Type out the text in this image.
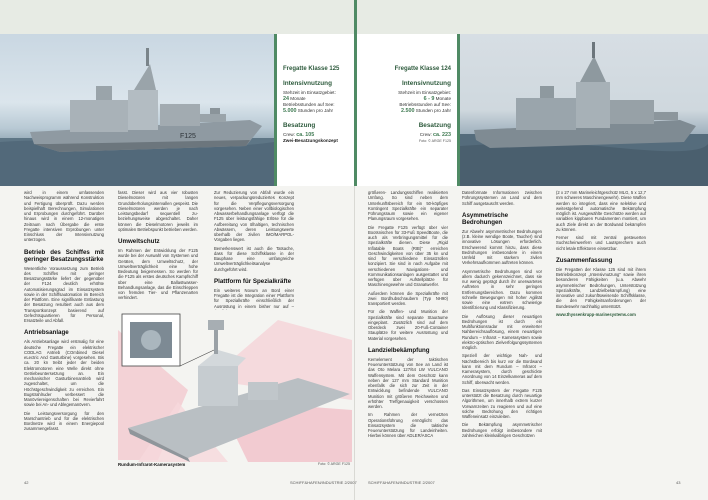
F125
Fregatte Klasse 125
Intensivnutzung
Stehzeit im Einsatzgebiet:
24 Monate
Betriebsstunden auf See:
5.000 Stunden pro Jahr
Besatzung
Crew: ca. 105
Zwei-Besatzungskonzept
Fregatte Klasse 124
Intensivnutzung
Stehzeit im Einsatzgebiet:
6 - 9 Monate
Betriebsstunden auf See:
2.500 Stunden pro Jahr
Besatzung
Crew: ca. 223
Foto: © ARGE F125

wird in einem umfassenden Nachweisprogramm während Konstruktion und Fertigung überprüft. Dazu werden beispielhaft Berechnungen, Simulationen und Erprobungen durchgeführt. Darüber hinaus wird in einem 12-monatigen Zeitraum nach Übergabe die erste Fregatte intensiven Erprobungen unter Einschluss der Intensivnutzung unterzogen.

Betrieb des Schiffes mit geringer Besatzungsstärke

Wesentliche Voraussetzung zum Betrieb des Schiffes mit geringer Besatzungsstärke liefert der gegenüber der F124 deutlich erhöhte Automatisierungsgrad im Einsatzsystem sowie in der Schiffsautomation im Bereich der Plattform. Eine signifikante Entlastung der Besatzung resultiert auch aus dem Transportkonzept basierend auf Gefechtsquartieren für Personal, Ersatzteile und Abfall.

Antriebsanlage

Als Antriebsanlage wird erstmalig für eine deutsche Fregatte ein elektrischer CODLAG Antrieb (COmbined Diesel eLectric And Gasturbine) vorgesehen. Bis ca. 20 kn treibt jeder der beiden Elektromotoren eine Welle direkt ohne Getriebeuntersetzung an. Ein mechanischer Gasturbinenantrieb wird zugeschaltet, um die Höchstgeschwindigkeit zu erreichen. Ein Bugstrahlruder verbessert die Manövriereigenschaften bei Revierfahrt sowie bei An- und Ablegemanövern.

Die Leistungsversorgung für den Marschantrieb und für die elektrischen Bordnetze wird in einem Energiepool zusammengefasst.

fasst. Dieser wird aus vier robusten Dieselmotoren mit langen Grundüberholungsintervallen gespeist. Die Dieselmotoren werden je nach Leistungsbedarf sequentiell zu- beziehungsweise abgeschaltet. Daher können die Dieselmotoren jeweils im optimalen Betriebspunkt betrieben werden.

Umweltschutz

Im Rahmen der Entwicklung der F125 wurde bei der Auswahl von Systemen und Geräten, dem Umweltschutz, der Umweltverträglichkeit eine hohe Bedeutung beigemessen. So werden für die F125 als erstes deutsches Kampfschiff über eine Ballastwasser-Behandlungsanlage, das die Einschleppen von fremden Tier- und Pflanzenarten verhindert.

Zur Reduzierung von Abfall wurde ein neues, verpackungsreduziertes Konzept für die Verpflegungsversorgung vorgesehen. Neben einer vollbiologischen Abwasserbehandlungsanlage verfügt die F125 über leistungsfähige Erlöse für die Aufbereitung von ölhaltigen, technischen Abwässern, deren Leistungswerte überhalb der zivilen IMO/MARPOL-Vorgaben liegen.

Bemerkenswert ist auch die Tatsache, dass für diese Schiffsklasse in der Bauphase eine umfangreiche Umweltverträglichkeitsanalyse durchgeführt wird.

Plattform für Spezialkräfte

Ein weiteres Novum an Bord einer Fregatte ist die Integration einer Plattform für Spezialkräfte einschließlich der Ausrüstung in einem bisher nur auf –

Rundum-Infrarot-Kamerasystem	Foto: © ARGE F125

größeren- Landungsschiffen realisierten Umfang. So sind neben dem Unterkunftsbereich für ein 50-köpfiges Kontingent Spezialkräfte ein separater Führungsraum sowie ein eigener Planungsraum vorgesehen.

Die Fregatte F125 verfügt über vier Bootsnischen für 33-Fuß SpeedBoote, die auch als Verbringungsmittel für die Spezialkräfte dienen. Diese „Rigid Inflatable Boats (RIB)“ erreichen Geschwindigkeiten von über 35 kn und sind für verschiedene Einsatzrollen konzipiert. Sie sind in nach Aufgabe mit verschiedenen Navigations- und Kommunikationsanlagen ausgestattet und verfügen über Aufstellplätze für Maschinengewehre und Granatwerfer.

Außerdem können die Spezialkräfte mit zwei Bordhubschraubern (Typ NH90) transportiert werden.

Für die Waffen- und Munition der Spezialkräfte sind separate Stauräume eingeplant. Zusätzlich sind auf dem Oberdeck zwei 20-Fuß-Container Stauplätze für weitere Ausrüstung und Material vorgesehen.

Landzielbekämpfung

Kernelement der taktischen Feuerunterstützung von See an Land ist das Oto Melara 127/64 LW VULCANO Waffensystem. Mit dem Geschütz kann neben der 127 mm Standard Munition ebenfalls die sich zur Zeit in der Entwicklung befindende VULCANO Munition mit größeren Reichweiten und erhöhter Treffgenauigkeit verschossen werden.

Im Rahmen der vernetzten Operationsführung ermöglicht das Einsatzsystem die taktische Feuerunterstützung für Landeinheiten. Hierbei können über ADLER/ASCA

Datenformate Informationen zwischen Führungssystemen an Land und dem Schiff ausgetauscht werden.

Asymmetrische Bedrohungen

Zur Abwehr asymmetrischer Bedrohungen (z.B. kleine wendige Boote, Taucher) sind innovative Lösungen erforderlich. Erschwerend kommt hinzu, dass diese Bedrohungen insbesondere in einem Umfeld mit starkem zivilen Verkehrsaufkommen auftreten können.

Asymmetrische Bedrohungen sind vor allem dadurch gekennzeichnet, dass sie nur wenig geprägt durch ihr unerwartetes Auftreten in sehr geringen Entfernungsbereichen. Dazu kommen schnelle Bewegungen mit hoher Agilität sowie eine extrem schwierige Identifizierung und Klassifizierung.

Die Auflösung dieser neuartigen Bedrohungen ist durch ein Multifunktionsradar mit erweiterter Nahbereichsauflösung, einem neuartigen Rundum – Infrarot – Kamerasystem sowie elektro-optischen Zielverfolgungssystemen möglich.

Speziell der wichtige Nah- und Nächstbereich bis kurz vor die Bordwand kann mit dem Rundum – Infrarot – Kamerasystem, durch geschickte Anordnung von 14 Einzelkameras auf dem Schiff, überwacht werden.

Das Einsatzsystem der Fregatte F125 unterstützt die Besatzung durch neuartige Algorithmen, um innerhalb extrem kurzer Vorwarnzeiten zu reagieren und auf eine solche Bedrohung den richtigen Waffeneinsatz einzuleiten.

Die Bekämpfung asymmetrischer Bedrohungen erfolgt insbesondere mit zahlreichen kleinkalibrigen Geschützen

(2 x 27 mm Marineleichtgeschütz MLG, 5 x 12,7 mm schweres Maschinengewehr). Diese Waffen werden so integriert, dass eine selektive und weitestgehend automatische Bekämpfung möglich ist. Ausgewählte Geschütze werden auf variablen kippbaren Fundamenten montiert, um auch Ziele direkt an der Bordwand bekämpfen zu können.

Ferner sind mit zentral gesteuerten Suchscheinwerfern und Lautsprechern auch nicht letale Effektoren einsetzbar.

Zusammenfassung

Die Fregatten der Klasse 125 sind mit ihrem Betriebskonzept „Intensivnutzung“ sowie ihren besonderen Fähigkeiten (u.a. Abwehr asymmetrischer Bedrohungen, Unterstützung Spezialkräfte, Landzielbekämpfung) eine innovative und zukunftsweisende Schiffsklasse, die den Fähigkeitsanforderungen der Bundeswehr nachhaltig unterstützt.

www.thyssenkrupp-marinesystems.com

42	SCHIFF&HAFEN/INDUSTRIE 2/2007	SCHIFF&HAFEN/INDUSTRIE 2/2007	43
